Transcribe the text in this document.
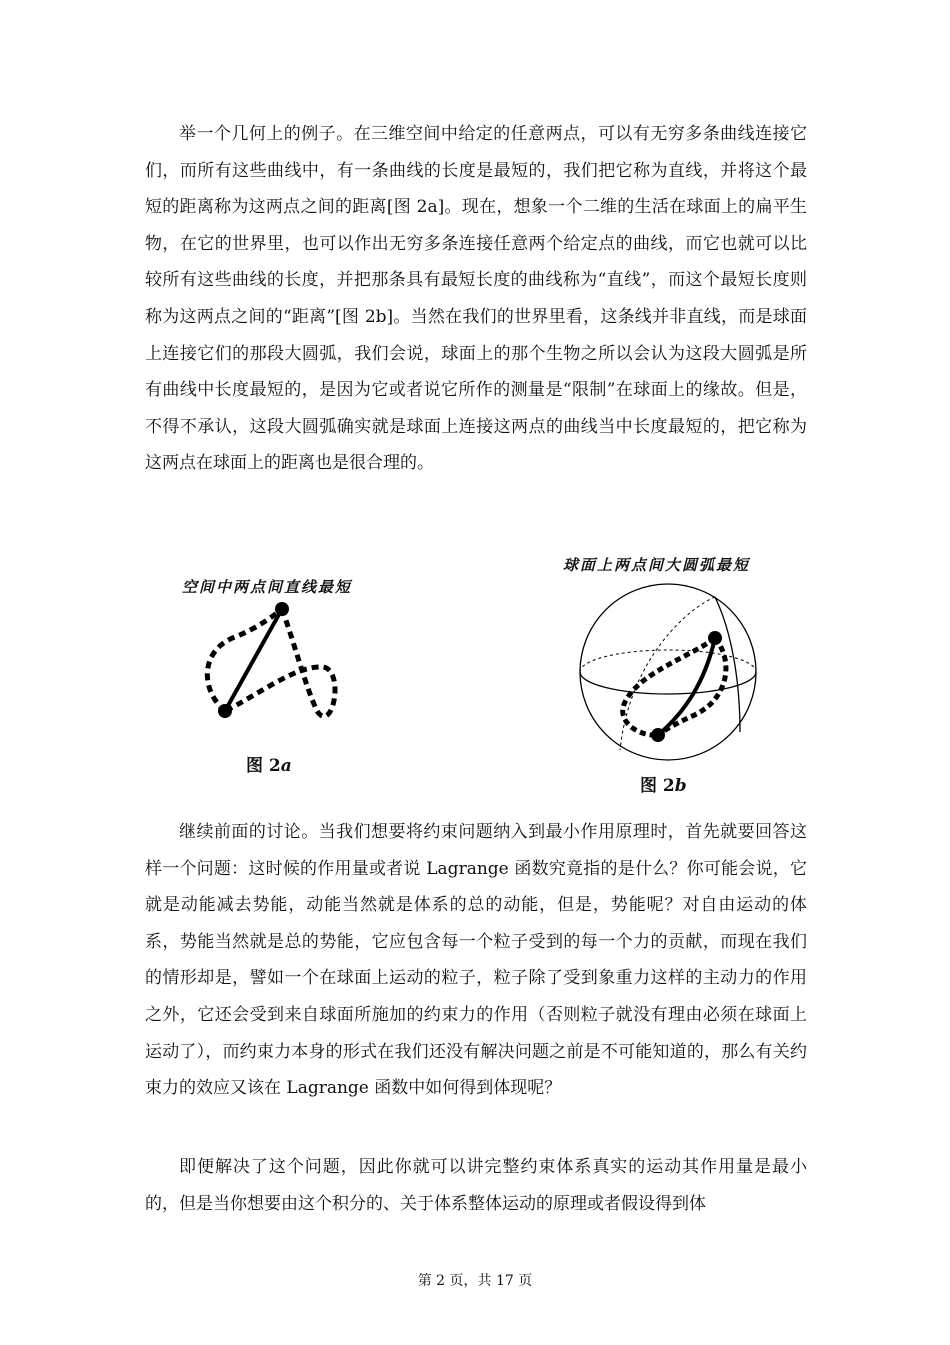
举一个几何上的例子。在三维空间中给定的任意两点，可以有无穷多条曲线连接它们，而所有这些曲线中，有一条曲线的长度是最短的，我们把它称为直线，并将这个最短的距离称为这两点之间的距离[图 2a]。现在，想象一个二维的生活在球面上的扁平生物，在它的世界里，也可以作出无穷多条连接任意两个给定点的曲线，而它也就可以比较所有这些曲线的长度，并把那条具有最短长度的曲线称为“直线”，而这个最短长度则称为这两点之间的“距离”[图 2b]。当然在我们的世界里看，这条线并非直线，而是球面上连接它们的那段大圆弧，我们会说，球面上的那个生物之所以会认为这段大圆弧是所有曲线中长度最短的，是因为它或者说它所作的测量是“限制”在球面上的缘故。但是，不得不承认，这段大圆弧确实就是球面上连接这两点的曲线当中长度最短的，把它称为这两点在球面上的距离也是很合理的。

空间中两点间直线最短
图 2a
球面上两点间大圆弧最短
图 2b

继续前面的讨论。当我们想要将约束问题纳入到最小作用原理时，首先就要回答这样一个问题：这时候的作用量或者说 Lagrange 函数究竟指的是什么？你可能会说，它就是动能减去势能，动能当然就是体系的总的动能，但是，势能呢？对自由运动的体系，势能当然就是总的势能，它应包含每一个粒子受到的每一个力的贡献，而现在我们的情形却是，譬如一个在球面上运动的粒子，粒子除了受到象重力这样的主动力的作用之外，它还会受到来自球面所施加的约束力的作用（否则粒子就没有理由必须在球面上运动了），而约束力本身的形式在我们还没有解决问题之前是不可能知道的，那么有关约束力的效应又该在 Lagrange 函数中如何得到体现呢？

即便解决了这个问题，因此你就可以讲完整约束体系真实的运动其作用量是最小的，但是当你想要由这个积分的、关于体系整体运动的原理或者假设得到体

第 2 页，共 17 页
